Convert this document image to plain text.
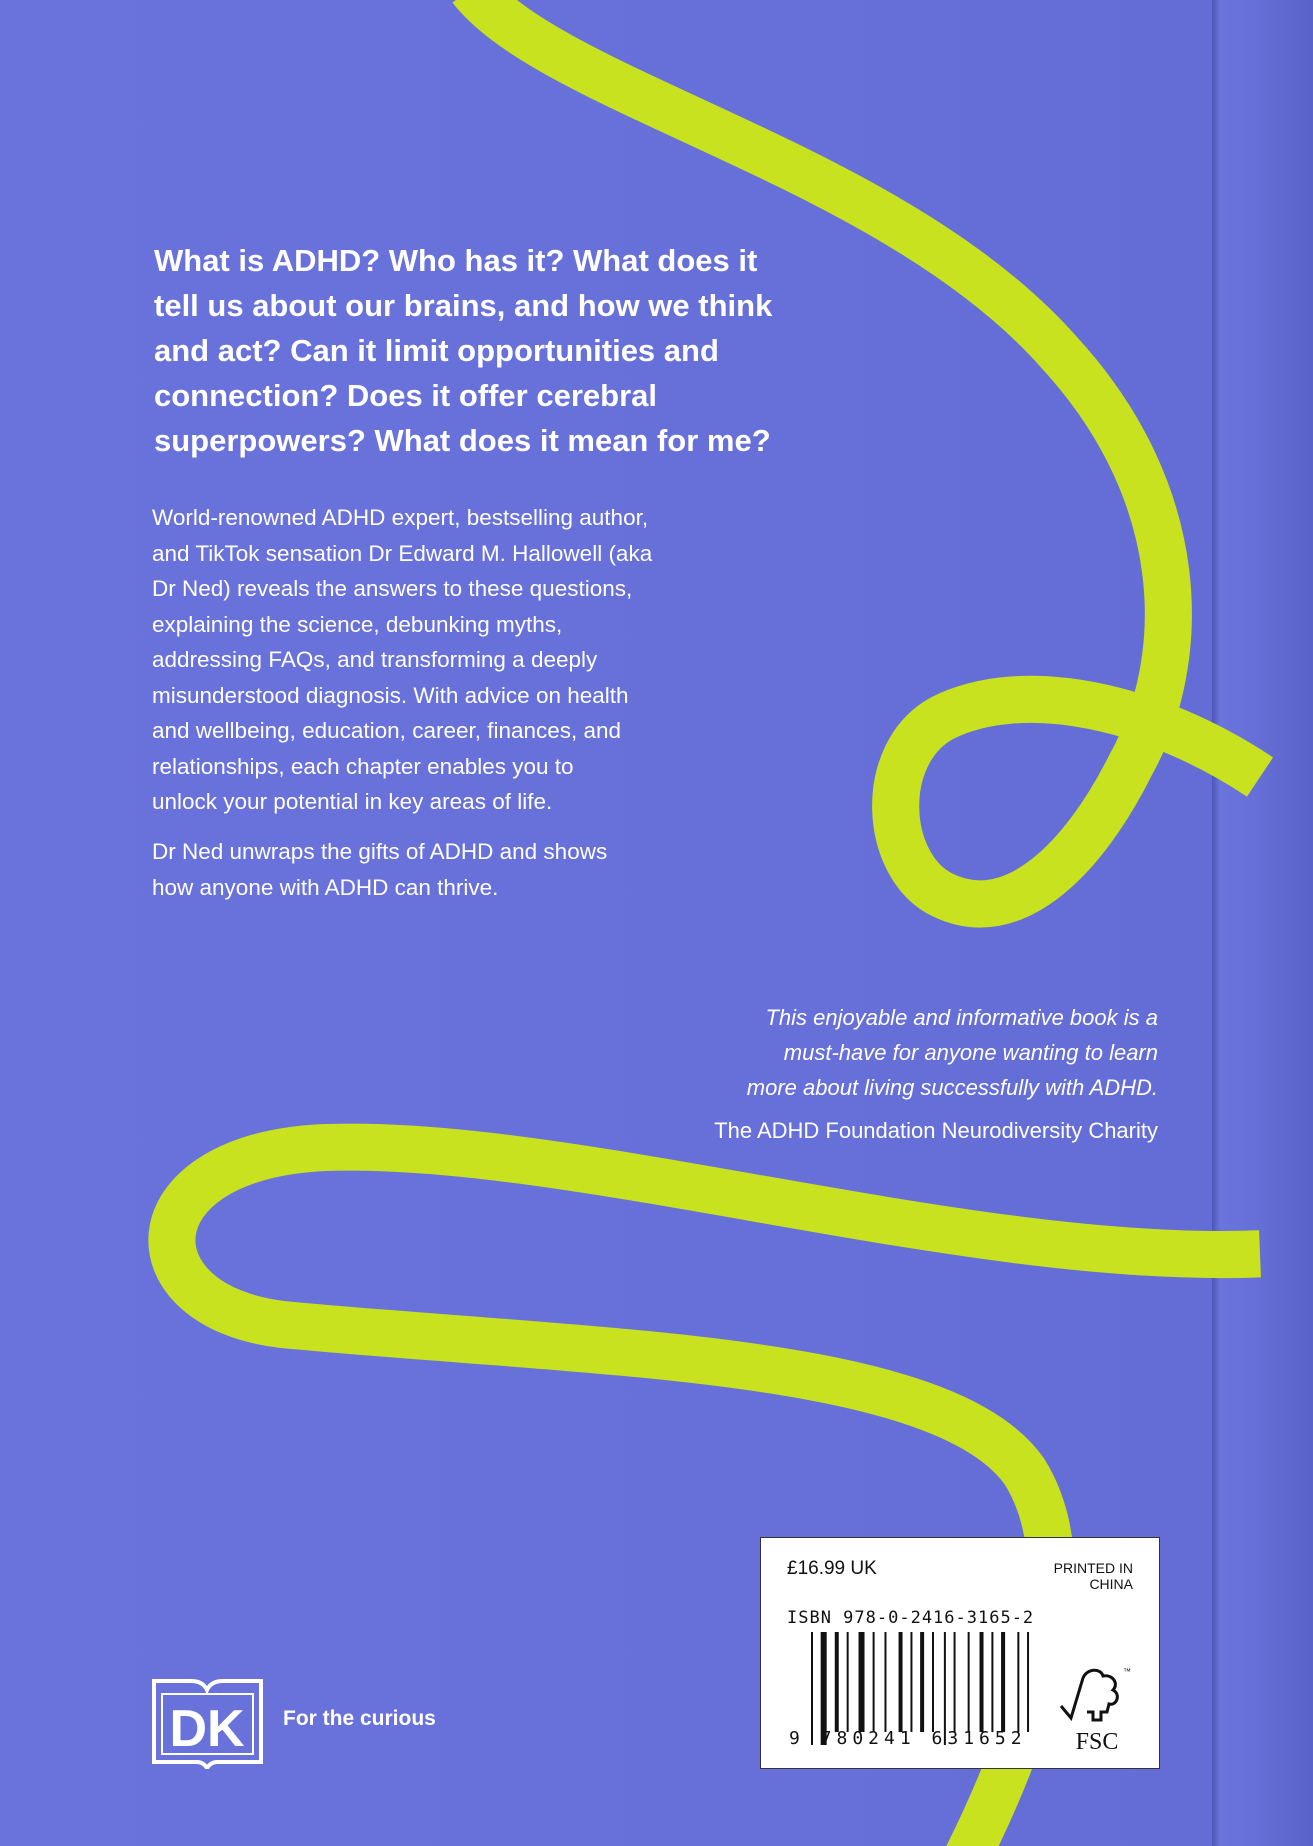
What is ADHD? Who has it? What does it
tell us about our brains, and how we think
and act? Can it limit opportunities and
connection? Does it offer cerebral
superpowers? What does it mean for me?
World-renowned ADHD expert, bestselling author,
and TikTok sensation Dr Edward M. Hallowell (aka
Dr Ned) reveals the answers to these questions,
explaining the science, debunking myths,
addressing FAQs, and transforming a deeply
misunderstood diagnosis. With advice on health
and wellbeing, education, career, finances, and
relationships, each chapter enables you to
unlock your potential in key areas of life.
Dr Ned unwraps the gifts of ADHD and shows
how anyone with ADHD can thrive.
This enjoyable and informative book is a
must-have for anyone wanting to learn
more about living successfully with ADHD.
The ADHD Foundation Neurodiversity Charity
£16.99 UK	PRINTED IN
CHINA
ISBN 978-0-2416-3165-2
9 780241 631652
™
FSC
DK For the curious
